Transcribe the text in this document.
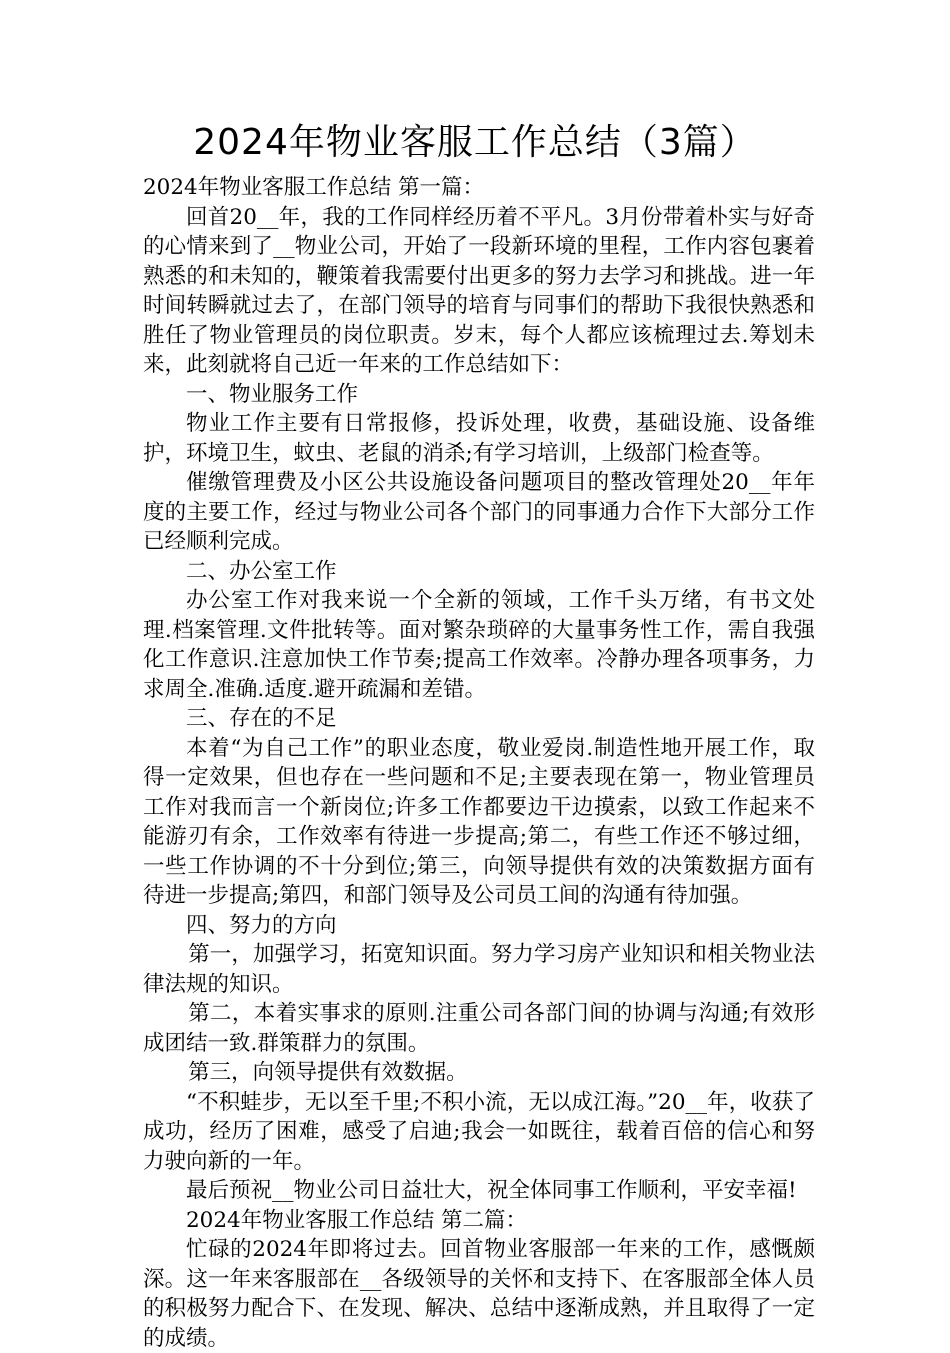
2024年物业客服工作总结（3篇）

2024年物业客服工作总结 第一篇：

回首20__年，我的工作同样经历着不平凡。3月份带着朴实与好奇的心情来到了__物业公司，开始了一段新环境的里程，工作内容包裹着熟悉的和未知的，鞭策着我需要付出更多的努力去学习和挑战。进一年时间转瞬就过去了，在部门领导的培育与同事们的帮助下我很快熟悉和胜任了物业管理员的岗位职责。岁末，每个人都应该梳理过去.筹划未来，此刻就将自己近一年来的工作总结如下：

一、物业服务工作

物业工作主要有日常报修，投诉处理，收费，基础设施、设备维护，环境卫生，蚊虫、老鼠的消杀;有学习培训，上级部门检查等。

催缴管理费及小区公共设施设备问题项目的整改管理处20__年年度的主要工作，经过与物业公司各个部门的同事通力合作下大部分工作已经顺利完成。

二、办公室工作

办公室工作对我来说一个全新的领域，工作千头万绪，有书文处理.档案管理.文件批转等。面对繁杂琐碎的大量事务性工作，需自我强化工作意识.注意加快工作节奏;提高工作效率。冷静办理各项事务，力求周全.准确.适度.避开疏漏和差错。

三、存在的不足

本着“为自己工作”的职业态度，敬业爱岗.制造性地开展工作，取得一定效果，但也存在一些问题和不足;主要表现在第一，物业管理员工作对我而言一个新岗位;许多工作都要边干边摸索，以致工作起来不能游刃有余，工作效率有待进一步提高;第二，有些工作还不够过细，一些工作协调的不十分到位;第三，向领导提供有效的决策数据方面有待进一步提高;第四，和部门领导及公司员工间的沟通有待加强。

四、努力的方向

第一，加强学习，拓宽知识面。努力学习房产业知识和相关物业法律法规的知识。

第二，本着实事求的原则.注重公司各部门间的协调与沟通;有效形成团结一致.群策群力的氛围。

第三，向领导提供有效数据。

“不积蛙步，无以至千里;不积小流，无以成江海。”20__年，收获了成功，经历了困难，感受了启迪;我会一如既往，载着百倍的信心和努力驶向新的一年。

最后预祝__物业公司日益壮大，祝全体同事工作顺利，平安幸福!

2024年物业客服工作总结 第二篇：

忙碌的2024年即将过去。回首物业客服部一年来的工作，感慨颇深。这一年来客服部在__各级领导的关怀和支持下、在客服部全体人员的积极努力配合下、在发现、解决、总结中逐渐成熟，并且取得了一定的成绩。
